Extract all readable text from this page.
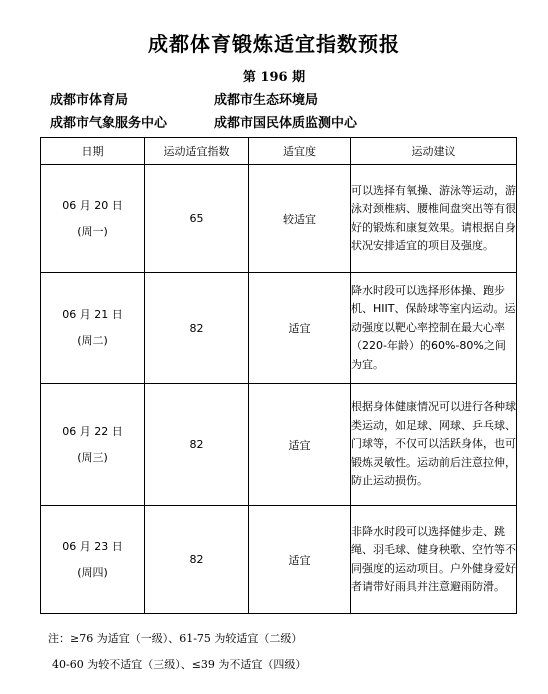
成都体育锻炼适宜指数预报
第 196 期
成都市体育局	成都市生态环境局
成都市气象服务中心	成都市国民体质监测中心
日期	运动适宜指数	适宜度	运动建议

06 月 20 日
(周一)	65	较适宜	可以选择有氧操、游泳等运动，游泳对颈椎病、腰椎间盘突出等有很好的锻炼和康复效果。请根据自身状况安排适宜的项目及强度。

06 月 21 日
(周二)	82	适宜	降水时段可以选择形体操、跑步机、HIIT、保龄球等室内运动。运动强度以靶心率控制在最大心率（220-年龄）的60%-80%之间为宜。

06 月 22 日
(周三)	82	适宜	根据身体健康情况可以进行各种球类运动，如足球、网球、乒乓球、门球等，不仅可以活跃身体，也可锻炼灵敏性。运动前后注意拉伸，防止运动损伤。

06 月 23 日
(周四)	82	适宜	非降水时段可以选择健步走、跳绳、羽毛球、健身秧歌、空竹等不同强度的运动项目。户外健身爱好者请带好雨具并注意避雨防滑。
注：≥76 为适宜（一级）、61-75 为较适宜（二级）
40-60 为较不适宜（三级）、≤39 为不适宜（四级）
